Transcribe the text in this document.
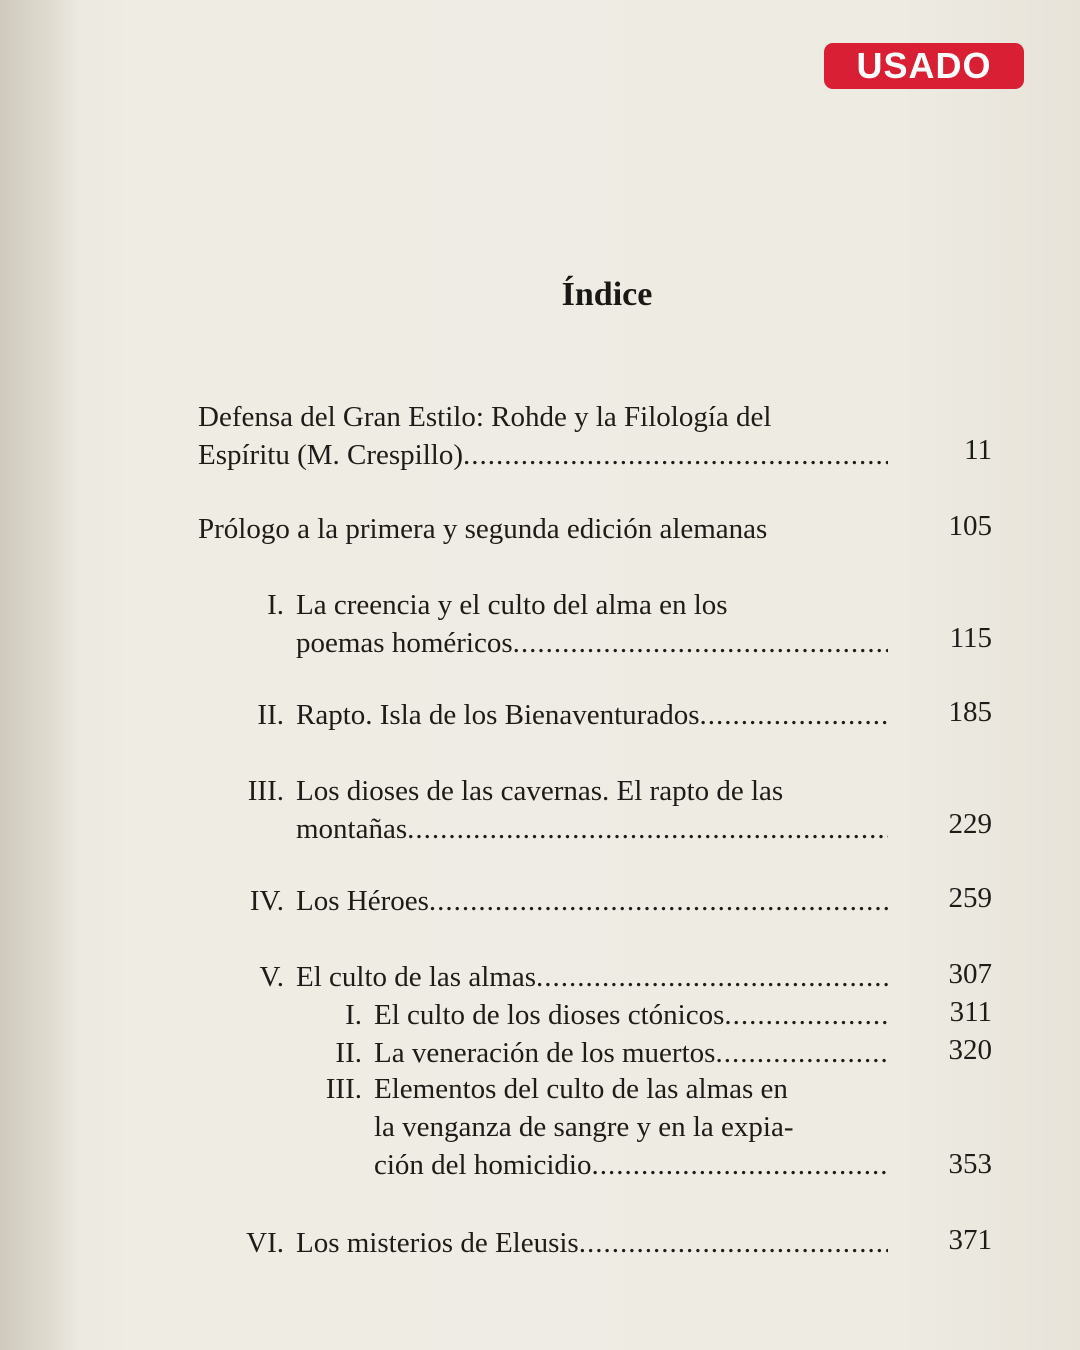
USADO
Índice
Defensa del Gran Estilo: Rohde y la Filología del
Espíritu (M. Crespillo) .....	11
Prólogo a la primera y segunda edición alemanas	105
I. La creencia y el culto del alma en los
poemas homéricos .....	115
II. Rapto. Isla de los Bienaventurados .....	185
III. Los dioses de las cavernas. El rapto de las
montañas .....	229
IV. Los Héroes .....	259
V. El culto de las almas .....	307
I. El culto de los dioses ctónicos .....	311
II. La veneración de los muertos .....	320
III. Elementos del culto de las almas en
la venganza de sangre y en la expia-
ción del homicidio .....	353
VI. Los misterios de Eleusis .....	371
